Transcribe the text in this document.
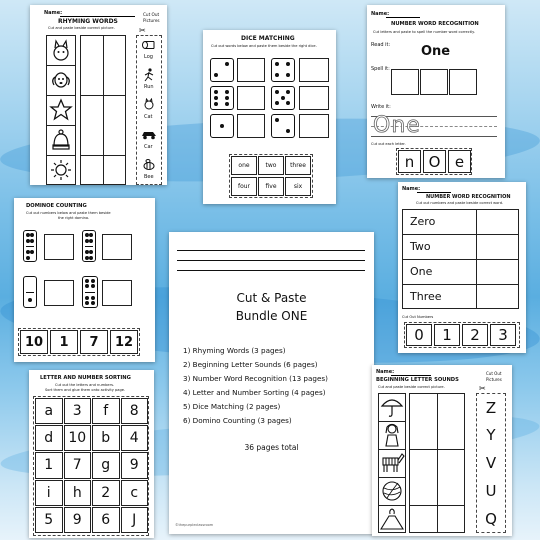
Name:
RHYMING WORDS
Cut and paste beside correct picture.
Cut Out
Pictures
✂
Log
Run
Cat
Car
Bee
DICE MATCHING
Cut out words below and paste them beside the right dice.
one	two	three
four	five	six
Name:
NUMBER WORD RECOGNITION
Cut letters and paste to spell the number word correctly.
Read it: One
Spell it:
Write it:
One
Cut out each letter.
n O e
DOMINOE COUNTING
Cut out numbers below and paste them beside
the right domino.
10	1	7	12
Cut & Paste
Bundle ONE
1) Rhyming Words (3 pages)
2) Beginning Letter Sounds (6 pages)
3) Number Word Recognition (13 pages)
4) Letter and Number Sorting (4 pages)
5) Dice Matching (2 pages)
6) Domino Counting (3 pages)
36 pages total
©thepurpleclassroom
Name:
NUMBER WORD RECOGNITION
Cut out numbers and paste beside correct word.
Zero
Two
One
Three
Cut Out Numbers
0	1	2	3
LETTER AND NUMBER SORTING
Cut out the letters and numbers.
Sort them and glue them onto activity page.
a	3	f	8
d	10	b	4
1	7	g	9
i	h	2	c
5	9	6	J
Name:
BEGINNING LETTER SOUNDS
Cut and paste beside correct picture.
Cut Out
Pictures
✂
Z
Y
V
U
Q
